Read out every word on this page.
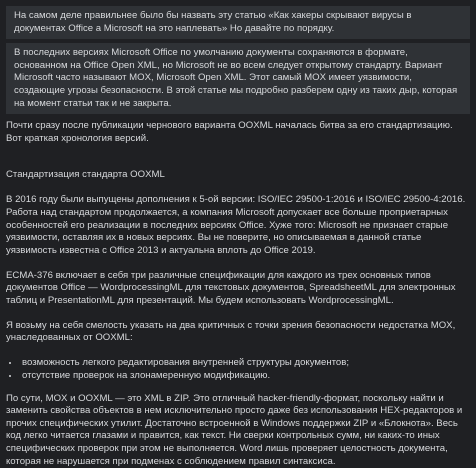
На самом деле правильнее было бы назвать эту статью «Как хакеры скрывают вирусы в документах Office а Microsoft на это наплевать» Но давайте по порядку.

В последних версиях Microsoft Office по умолчанию документы сохраняются в формате, основанном на Office Open XML, но Microsoft не во всем следует открытому стандарту. Вариант Microsoft часто называют MOX, Microsoft Open XML. Этот самый MOX имеет уязвимости, создающие угрозы безопасности. В этой статье мы подробно разберем одну из таких дыр, которая на момент статьи так и не закрыта.

Почти сразу после публикации черновогo варианта OOXML началась битва за его стандартизацию. Вот краткая хронология версий.

Стандартизация стандарта OOXML

В 2016 году были выпущены дополнения к 5-ой версии: ISO/IEC 29500-1:2016 и ISO/IEC 29500-4:2016. Работа над стандартом продолжается, а компания Microsoft допускает все больше проприетарных особенностей его реализации в последних версиях Office. Хуже того: Microsoft не признает старые уязвимости, оставляя их в новых версиях. Вы не поверите, но описываемая в данной статье уязвимость известна с Office 2013 и актуальна вплоть до Office 2019.

ECMA-376 включает в себя три различные спецификации для каждого из трех основных типов документов Office — WordprocessingML для текстовых документов, SpreadsheetML для электронных таблиц и PresentationML для презентаций. Мы будем использовать WordprocessingML.

Я возьму на себя смелость указать на два критичных с точки зрения безопасности недостатка MOX, унаследованных от OOXML:

• возможность легкого редактирования внутренней структуры документов;
• отсутствие проверок на злонамеренную модификацию.

По сути, MOX и OOXML — это XML в ZIP. Это отличный hacker-friendly-формат, поскольку найти и заменить свойства объектов в нем исключительно просто даже без использования HEX-редакторов и прочих специфических утилит. Достаточно встроенной в Windows поддержки ZIP и «Блокнота». Весь код легко читается глазами и правится, как текст. Ни сверки контрольных сумм, ни каких-то иных специфических проверок при этом не выполняется. Word лишь проверяет целостность документа, которая не нарушается при подменах с соблюдением правил синтаксиса.
